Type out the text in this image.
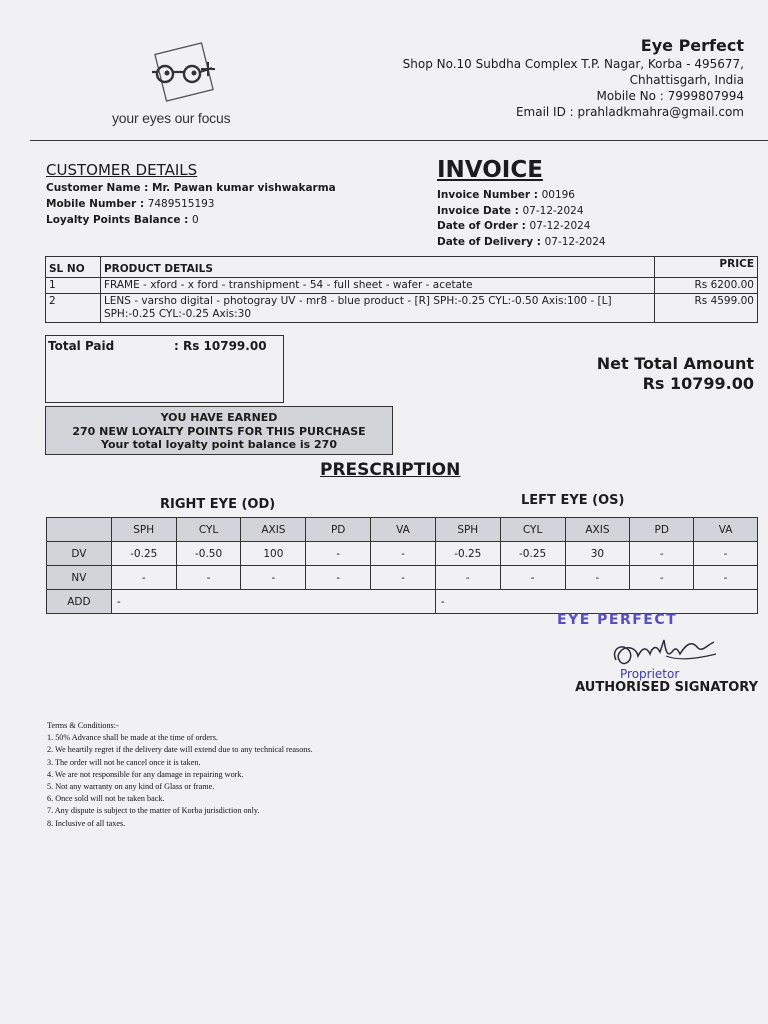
your eyes our focus
Eye Perfect
Shop No.10 Subdha Complex T.P. Nagar, Korba - 495677,
Chhattisgarh, India
Mobile No : 7999807994
Email ID : prahladkmahra@gmail.com
CUSTOMER DETAILS
Customer Name : Mr. Pawan kumar vishwakarma
Mobile Number : 7489515193
Loyalty Points Balance : 0
INVOICE
Invoice Number : 00196
Invoice Date : 07-12-2024
Date of Order : 07-12-2024
Date of Delivery : 07-12-2024
SL NO	PRODUCT DETAILS	PRICE
1	FRAME - xford - x ford - transhipment - 54 - full sheet - wafer - acetate	Rs 6200.00
2	LENS - varsho digital - photogray UV - mr8 - blue product - [R] SPH:-0.25 CYL:-0.50 Axis:100 - [L] SPH:-0.25 CYL:-0.25 Axis:30	Rs 4599.00
Total Paid	: Rs 10799.00
Net Total Amount
Rs 10799.00
YOU HAVE EARNED
270 NEW LOYALTY POINTS FOR THIS PURCHASE
Your total loyalty point balance is 270
PRESCRIPTION
RIGHT EYE (OD)	LEFT EYE (OS)
	SPH	CYL	AXIS	PD	VA	SPH	CYL	AXIS	PD	VA
DV	-0.25	-0.50	100	-	-	-0.25	-0.25	30	-	-
NV	-	-	-	-	-	-	-	-	-	-
ADD	-					-				
EYE PERFECT
Proprietor
AUTHORISED SIGNATORY
Terms & Conditions:-
1. 50% Advance shall be made at the time of orders.
2. We heartily regret if the delivery date will extend due to any technical reasons.
3. The order will not be cancel once it is taken.
4. We are not responsible for any damage in repairing work.
5. Not any warranty on any kind of Glass or frame.
6. Once sold will not be taken back.
7. Any dispute is subject to the matter of Korba jurisdiction only.
8. Inclusive of all taxes.
